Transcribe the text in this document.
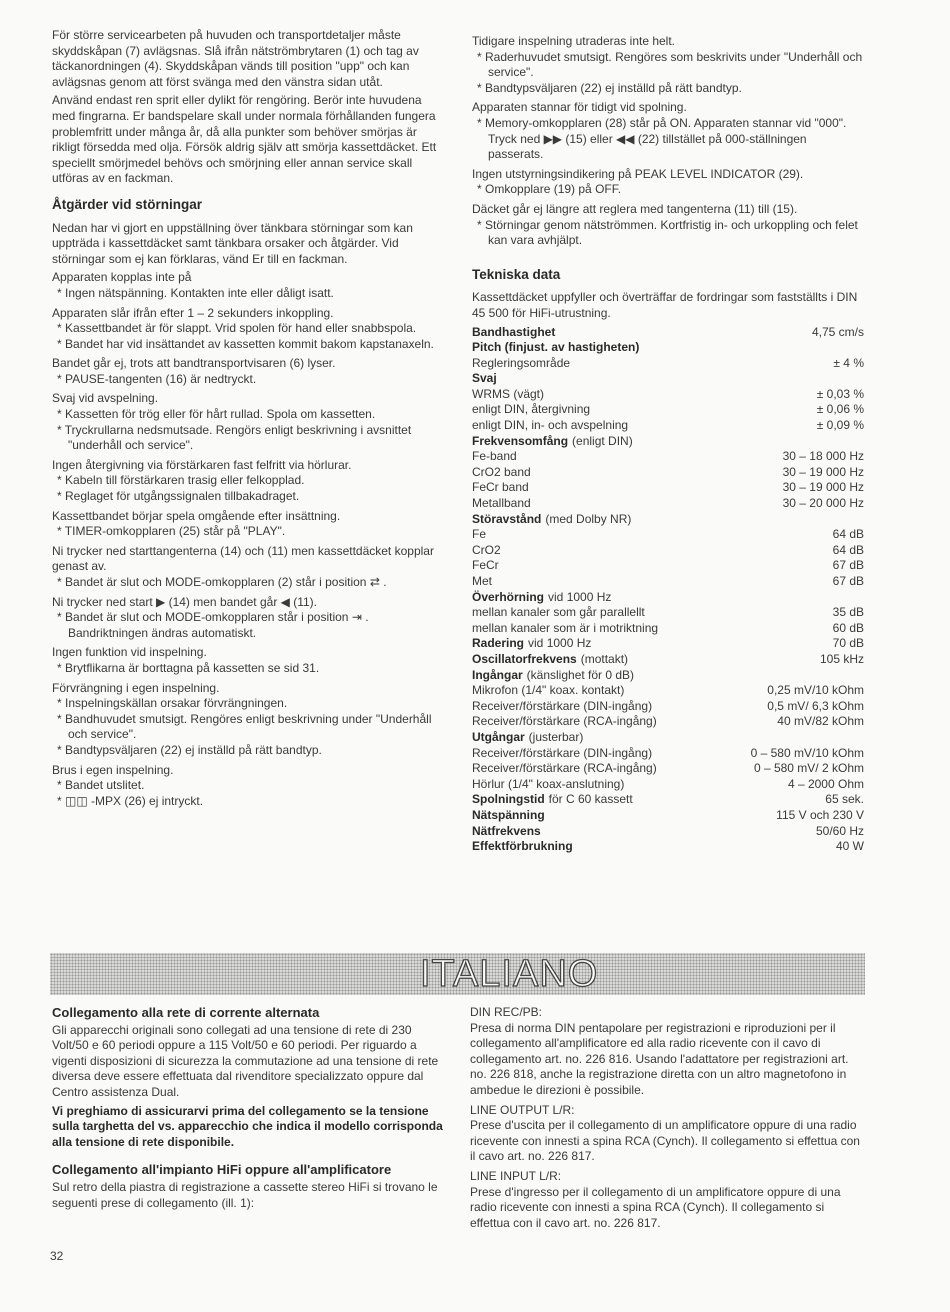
För större servicearbeten på huvuden och transportdetaljer måste skyddskåpan (7) avlägsnas. Slå ifrån nätströmbrytaren (1) och tag av täckanordningen (4). Skyddskåpan vänds till position "upp" och kan avlägsnas genom att först svänga med den vänstra sidan utåt.

Använd endast ren sprit eller dylikt för rengöring. Berör inte huvudena med fingrarna. Er bandspelare skall under normala förhållanden fungera problemfritt under många år, då alla punkter som behöver smörjas är rikligt försedda med olja. Försök aldrig själv att smörja kassettdäcket. Ett speciellt smörjmedel behövs och smörjning eller annan service skall utföras av en fackman.

Åtgärder vid störningar

Nedan har vi gjort en uppställning över tänkbara störningar som kan uppträda i kassettdäcket samt tänkbara orsaker och åtgärder. Vid störningar som ej kan förklaras, vänd Er till en fackman.

Apparaten kopplas inte på

* Ingen nätspänning. Kontakten inte eller dåligt isatt.

Apparaten slår ifrån efter 1 – 2 sekunders inkoppling.

* Kassettbandet är för slappt. Vrid spolen för hand eller snabbspola.

* Bandet har vid insättandet av kassetten kommit bakom kapstanaxeln.

Bandet går ej, trots att bandtransportvisaren (6) lyser.

* PAUSE-tangenten (16) är nedtryckt.

Svaj vid avspelning.

* Kassetten för trög eller för hårt rullad. Spola om kassetten.

* Tryckrullarna nedsmutsade. Rengörs enligt beskrivning i avsnittet "underhåll och service".

Ingen återgivning via förstärkaren fast felfritt via hörlurar.

* Kabeln till förstärkaren trasig eller felkopplad.

* Reglaget för utgångssignalen tillbakadraget.

Kassettbandet börjar spela omgående efter insättning.

* TIMER-omkopplaren (25) står på "PLAY".

Ni trycker ned starttangenterna (14) och (11) men kassettdäcket kopplar genast av.

* Bandet är slut och MODE-omkopplaren (2) står i position ⇄ .

Ni trycker ned start ▶ (14) men bandet går ◀ (11).

* Bandet är slut och MODE-omkopplaren står i position ⇥ . Bandriktningen ändras automatiskt.

Ingen funktion vid inspelning.

* Brytflikarna är borttagna på kassetten se sid 31.

Förvrängning i egen inspelning.

* Inspelningskällan orsakar förvrängningen.

* Bandhuvudet smutsigt. Rengöres enligt beskrivning under "Underhåll och service".

* Bandtypsväljaren (22) ej inställd på rätt bandtyp.

Brus i egen inspelning.

* Bandet utslitet.

* ◫◫ -MPX (26) ej intryckt.

Tidigare inspelning utraderas inte helt.

* Raderhuvudet smutsigt. Rengöres som beskrivits under "Underhåll och service".

* Bandtypsväljaren (22) ej inställd på rätt bandtyp.

Apparaten stannar för tidigt vid spolning.

* Memory-omkopplaren (28) står på ON. Apparaten stannar vid "000". Tryck ned ▶▶ (15) eller ◀◀ (22) tillstället på 000-ställningen passerats.

Ingen utstyrningsindikering på PEAK LEVEL INDICATOR (29).

* Omkopplare (19) på OFF.

Däcket går ej längre att reglera med tangenterna (11) till (15).

* Störningar genom nätströmmen. Kortfristig in- och urkoppling och felet kan vara avhjälpt.

Tekniska data

Kassettdäcket uppfyller och överträffar de fordringar som fastställts i DIN 45 500 för HiFi-utrustning.

Bandhastighet	4,75 cm/s
Pitch (finjust. av hastigheten)	
Regleringsområde	± 4 %
Svaj	
WRMS (vägt)	± 0,03 %
enligt DIN, återgivning	± 0,06 %
enligt DIN, in- och avspelning	± 0,09 %
Frekvensomfång (enligt DIN)	
Fe-band	30 – 18 000 Hz
CrO2 band	30 – 19 000 Hz
FeCr band	30 – 19 000 Hz
Metallband	30 – 20 000 Hz
Störavstånd (med Dolby NR)	
Fe	64 dB
CrO2	64 dB
FeCr	67 dB
Met	67 dB
Överhörning vid 1000 Hz	
mellan kanaler som går parallellt	35 dB
mellan kanaler som är i motriktning	60 dB
Radering vid 1000 Hz	70 dB
Oscillatorfrekvens (mottakt)	105 kHz
Ingångar (känslighet för 0 dB)	
Mikrofon (1/4" koax. kontakt)	0,25 mV/10 kOhm
Receiver/förstärkare (DIN-ingång)	0,5 mV/ 6,3 kOhm
Receiver/förstärkare (RCA-ingång)	40 mV/82 kOhm
Utgångar (justerbar)	
Receiver/förstärkare (DIN-ingång)	0 – 580 mV/10 kOhm
Receiver/förstärkare (RCA-ingång)	0 – 580 mV/ 2 kOhm
Hörlur (1/4" koax-anslutning)	4 – 2000 Ohm
Spolningstid för C 60 kassett	65 sek.
Nätspänning	115 V och 230 V
Nätfrekvens	50/60 Hz
Effektförbrukning	40 W
ITALIANO
Collegamento alla rete di corrente alternata

Gli apparecchi originali sono collegati ad una tensione di rete di 230 Volt/50 e 60 periodi oppure a 115 Volt/50 e 60 periodi. Per riguardo a vigenti disposizioni di sicurezza la commutazione ad una tensione di rete diversa deve essere effettuata dal rivenditore specializzato oppure dal Centro assistenza Dual.

Vi preghiamo di assicurarvi prima del collegamento se la tensione sulla targhetta del vs. apparecchio che indica il modello corrisponda alla tensione di rete disponibile.

Collegamento all'impianto HiFi oppure all'amplificatore

Sul retro della piastra di registrazione a cassette stereo HiFi si trovano le seguenti prese di collegamento (ill. 1):

DIN REC/PB:

Presa di norma DIN pentapolare per registrazioni e riproduzioni per il collegamento all'amplificatore ed alla radio ricevente con il cavo di collegamento art. no. 226 816. Usando l'adattatore per registrazioni art. no. 226 818, anche la registrazione diretta con un altro magnetofono in ambedue le direzioni è possibile.

LINE OUTPUT L/R:

Prese d'uscita per il collegamento di un amplificatore oppure di una radio ricevente con innesti a spina RCA (Cynch). Il collegamento si effettua con il cavo art. no. 226 817.

LINE INPUT L/R:

Prese d'ingresso per il collegamento di un amplificatore oppure di una radio ricevente con innesti a spina RCA (Cynch). Il collegamento si effettua con il cavo art. no. 226 817.

32
